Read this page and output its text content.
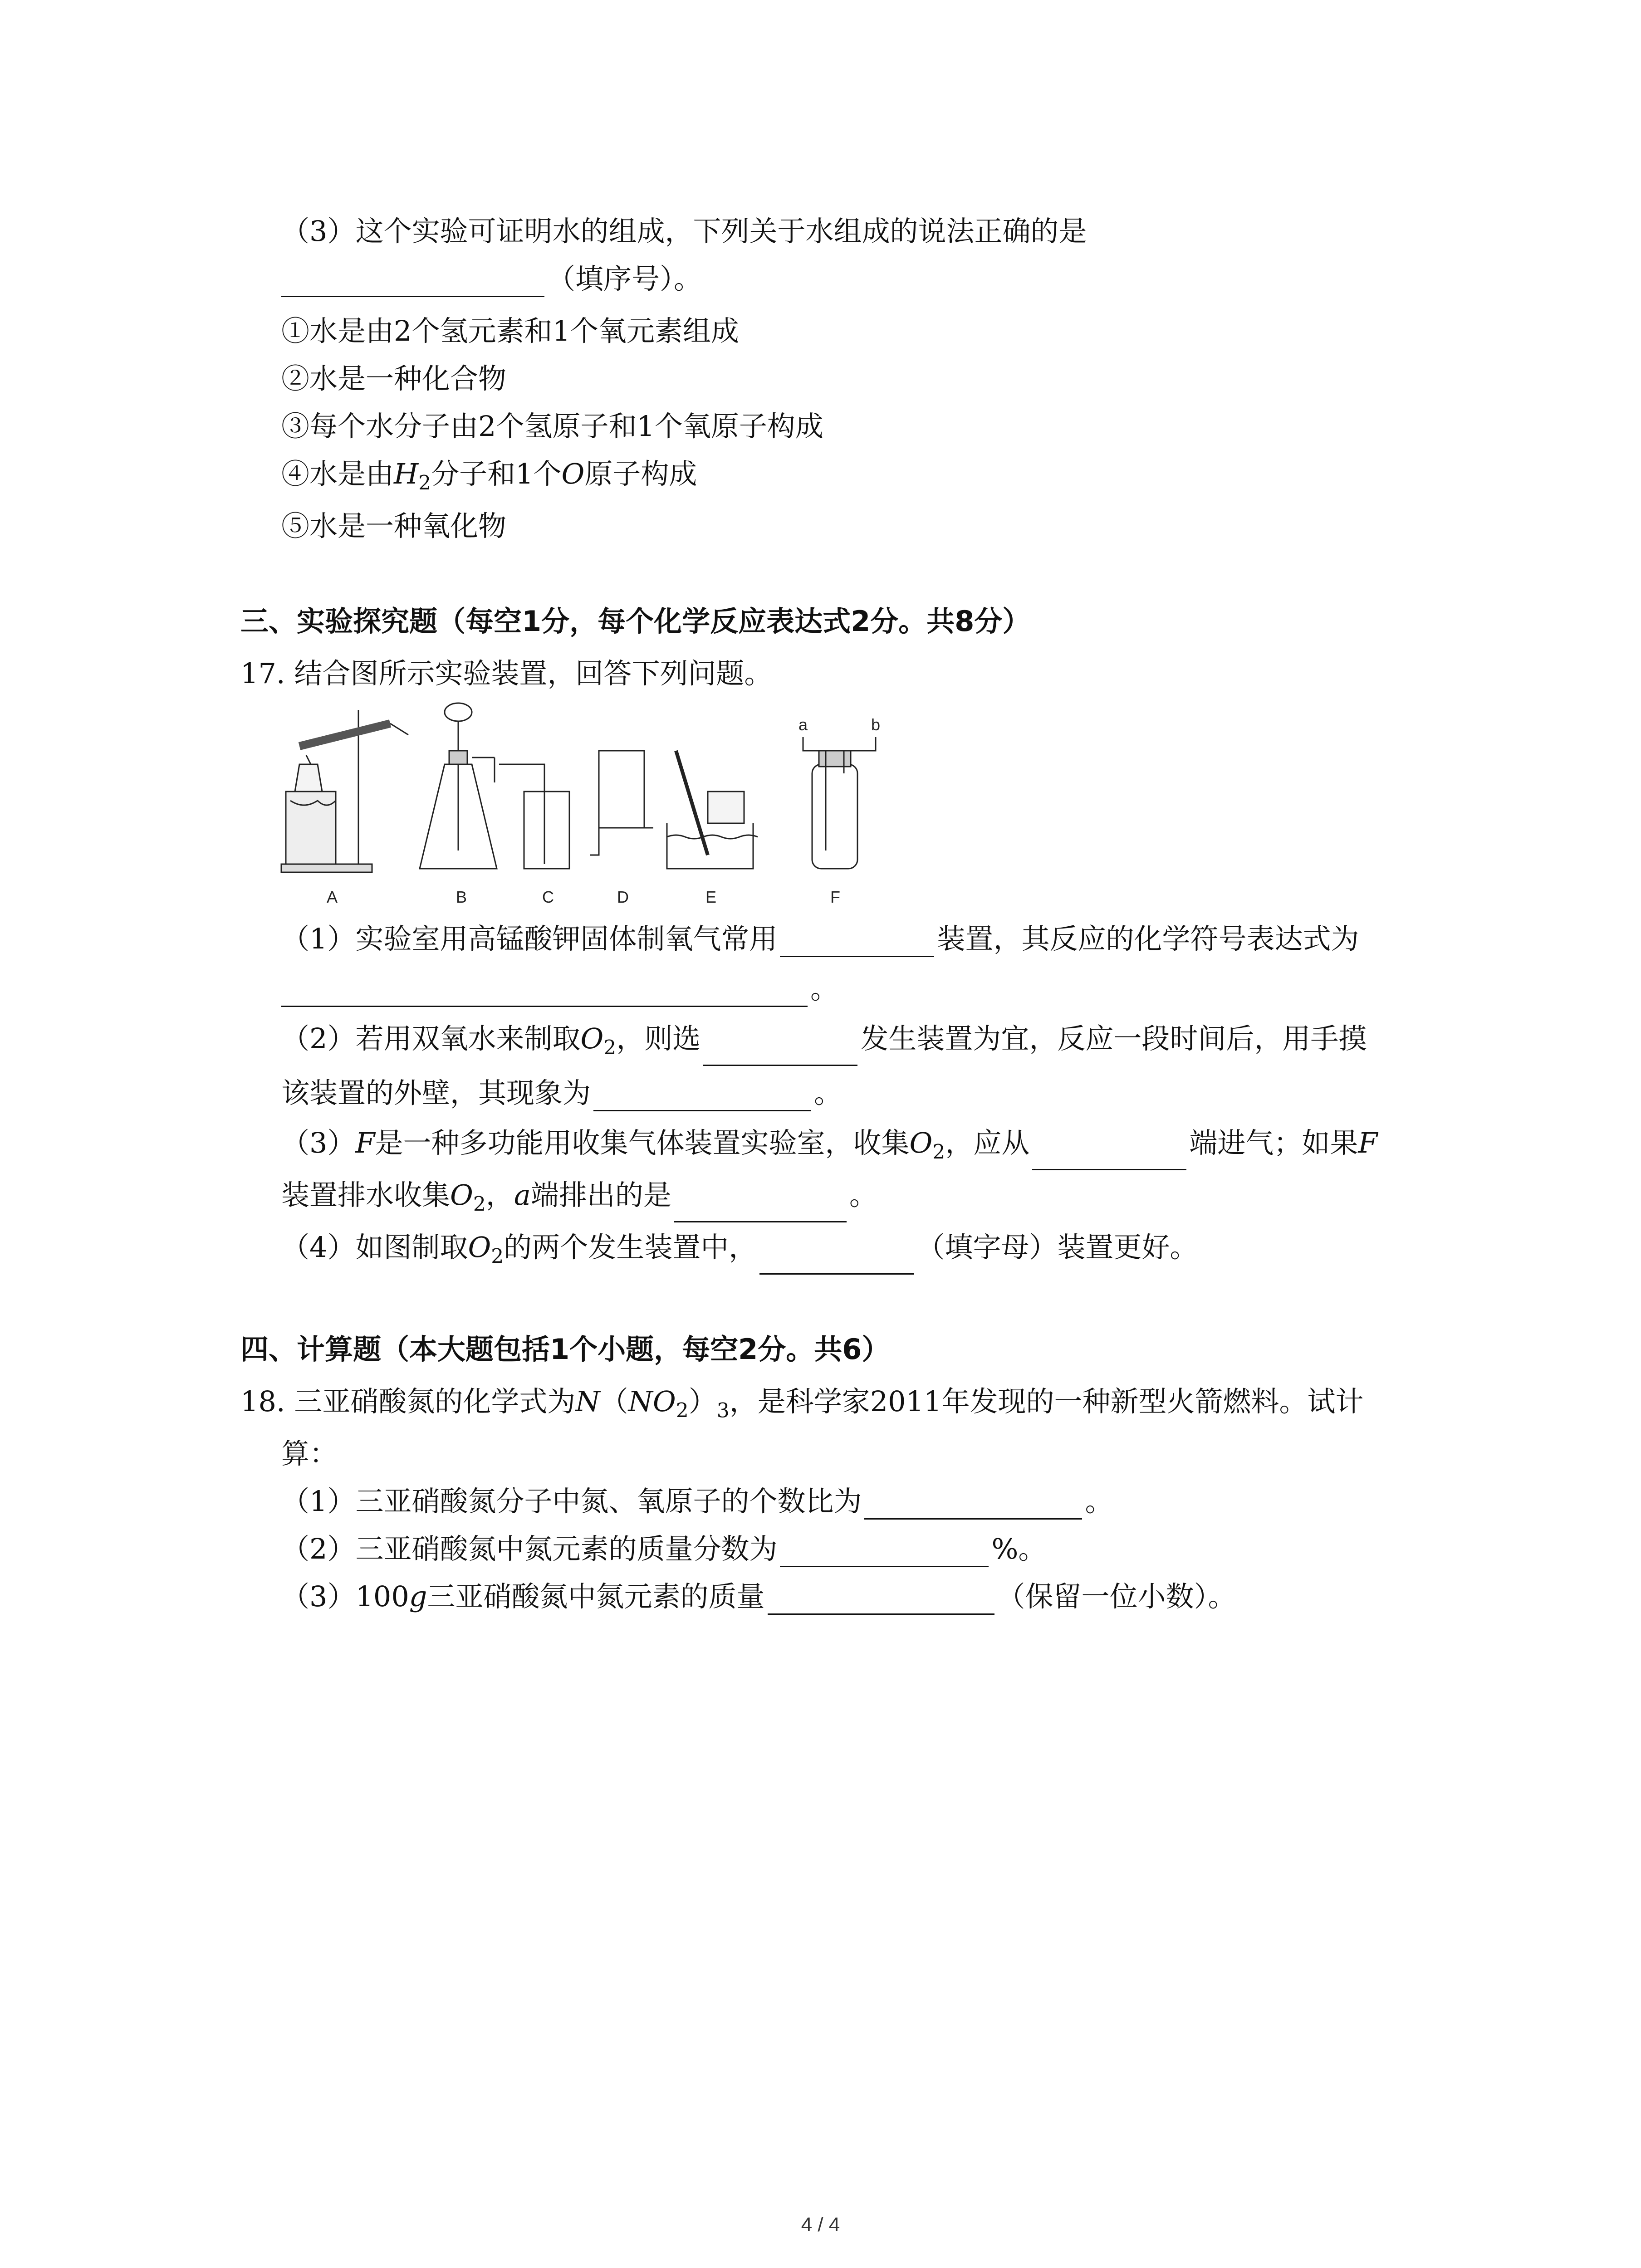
（3）这个实验可证明水的组成，下列关于水组成的说法正确的是
（填序号）。
①水是由2个氢元素和1个氧元素组成
②水是一种化合物
③每个水分子由2个氢原子和1个氧原子构成
④水是由$H_2$分子和1个O原子构成
⑤水是一种氧化物
三、实验探究题（每空1分，每个化学反应表达式2分。共8分）
17. 结合图所示实验装置，回答下列问题。
a	b
A	B	C	D	E	F
（1）实验室用高锰酸钾固体制氧气常用	装置，其反应的化学符号表达式为
。
（2）若用双氧水来制取$O_2$，则选	发生装置为宜，反应一段时间后，用手摸
该装置的外壁，其现象为	。
（3）F是一种多功能用收集气体装置实验室，收集$O_2$，应从	端进气；如果F
装置排水收集$O_2$，a端排出的是	。
（4）如图制取$O_2$的两个发生装置中，	（填字母）装置更好。
四、计算题（本大题包括1个小题，每空2分。共6）
18. 三亚硝酸氮的化学式为$N(NO_2)_3$，是科学家2011年发现的一种新型火箭燃料。试计
算：
（1）三亚硝酸氮分子中氮、氧原子的个数比为	。
（2）三亚硝酸氮中氮元素的质量分数为	%。
（3）100g三亚硝酸氮中氮元素的质量	（保留一位小数）。
4 / 4
